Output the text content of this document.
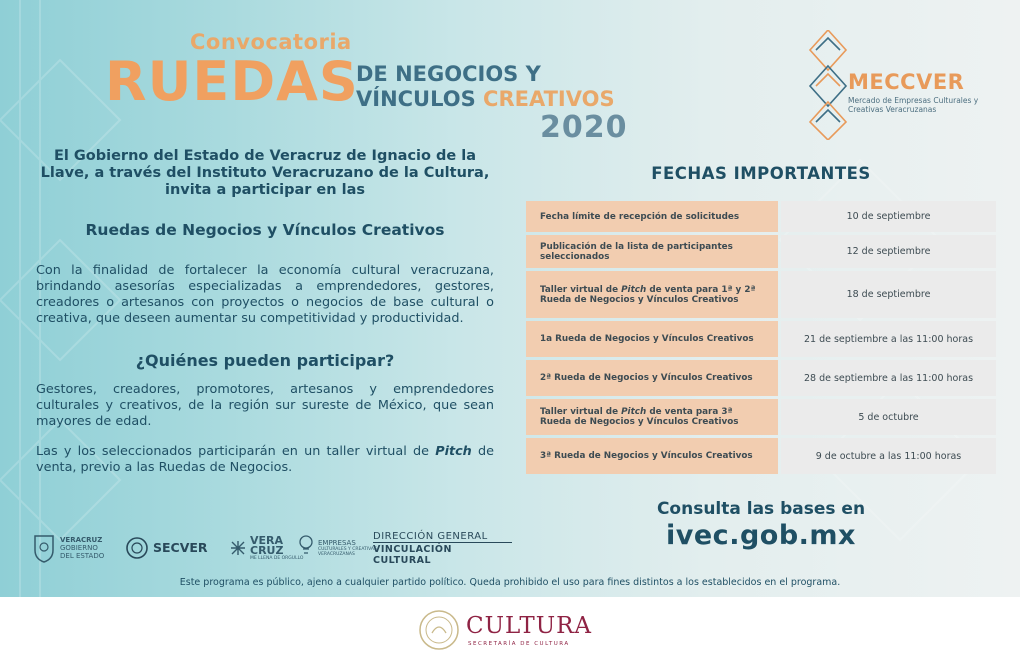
Convocatoria
RUEDAS
DE NEGOCIOS Y
VÍNCULOS CREATIVOS
2020
MECCVER
Mercado de Empresas Culturales y Creativas Veracruzanas
El Gobierno del Estado de Veracruz de Ignacio de la Llave, a través del Instituto Veracruzano de la Cultura, invita a participar en las
Ruedas de Negocios y Vínculos Creativos
Con la finalidad de fortalecer la economía cultural veracruzana, brindando asesorías especializadas a emprendedores, gestores, creadores o artesanos con proyectos o negocios de base cultural o creativa, que deseen aumentar su competitividad y productividad.
¿Quiénes pueden participar?
Gestores, creadores, promotores, artesanos y emprendedores culturales y creativos, de la región sur sureste de México, que sean mayores de edad.
Las y los seleccionados participarán en un taller virtual de Pitch de venta, previo a las Ruedas de Negocios.
FECHAS IMPORTANTES
Fecha límite de recepción de solicitudes	10 de septiembre
Publicación de la lista de participantes seleccionados	12 de septiembre
Taller virtual de Pitch de venta para 1ª y 2ª Rueda de Negocios y Vínculos Creativos	18 de septiembre
1a Rueda de Negocios y Vínculos Creativos	21 de septiembre a las 11:00 horas
2ª Rueda de Negocios y Vínculos Creativos	28 de septiembre a las 11:00 horas
Taller virtual de Pitch de venta para 3ª Rueda de Negocios y Vínculos Creativos	5 de octubre
3ª Rueda de Negocios y Vínculos Creativos	9 de octubre a las 11:00 horas
Consulta las bases en
ivec.gob.mx
VERACRUZ
GOBIERNO
DEL ESTADO
SECVER	VERA
CRUZ
ME LLENA DE ORGULLO
EMPRESAS
CULTURALES Y CREATIVAS
VERACRUZANAS
DIRECCIÓN GENERAL
VINCULACIÓN CULTURAL
Este programa es público, ajeno a cualquier partido político. Queda prohibido el uso para fines distintos a los establecidos en el programa.
CULTURA
SECRETARÍA DE CULTURA
